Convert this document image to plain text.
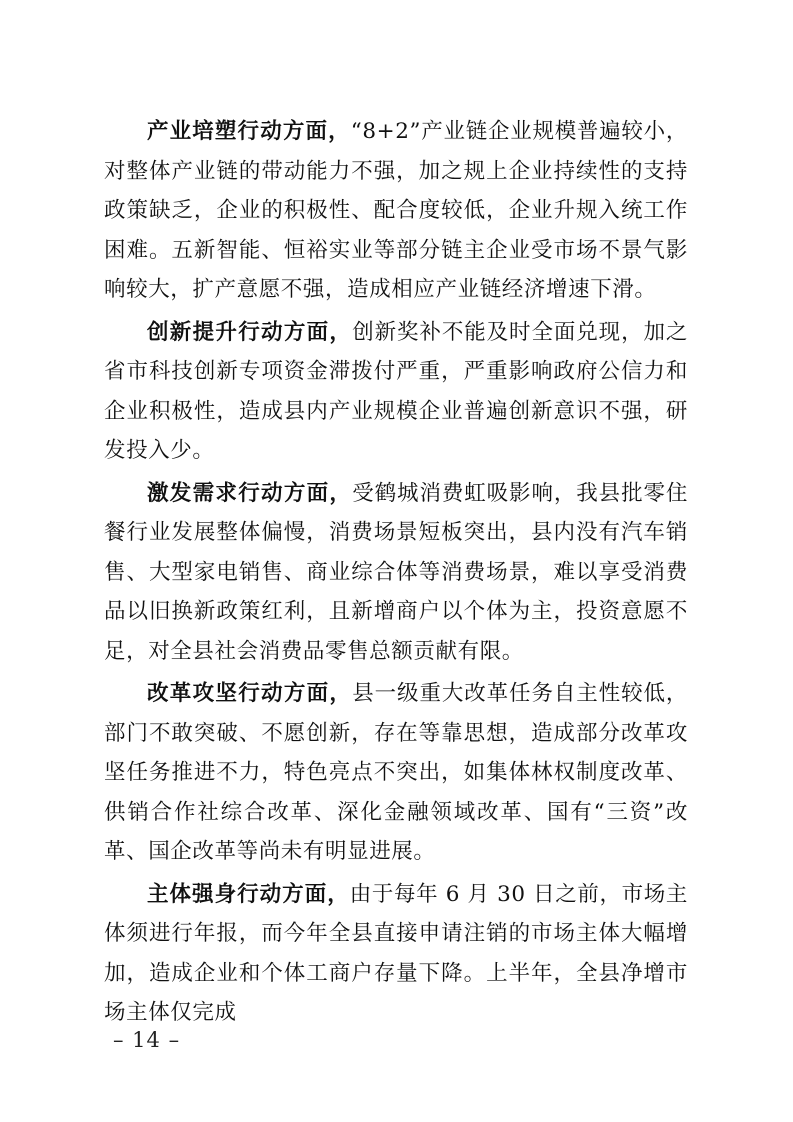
产业培塑行动方面，“8+2”产业链企业规模普遍较小，对整体产业链的带动能力不强，加之规上企业持续性的支持政策缺乏，企业的积极性、配合度较低，企业升规入统工作困难。五新智能、恒裕实业等部分链主企业受市场不景气影响较大，扩产意愿不强，造成相应产业链经济增速下滑。

创新提升行动方面，创新奖补不能及时全面兑现，加之省市科技创新专项资金滞拨付严重，严重影响政府公信力和企业积极性，造成县内产业规模企业普遍创新意识不强，研发投入少。

激发需求行动方面，受鹤城消费虹吸影响，我县批零住餐行业发展整体偏慢，消费场景短板突出，县内没有汽车销售、大型家电销售、商业综合体等消费场景，难以享受消费品以旧换新政策红利，且新增商户以个体为主，投资意愿不足，对全县社会消费品零售总额贡献有限。

改革攻坚行动方面，县一级重大改革任务自主性较低，部门不敢突破、不愿创新，存在等靠思想，造成部分改革攻坚任务推进不力，特色亮点不突出，如集体林权制度改革、供销合作社综合改革、深化金融领域改革、国有“三资”改革、国企改革等尚未有明显进展。

主体强身行动方面，由于每年 6 月 30 日之前，市场主体须进行年报，而今年全县直接申请注销的市场主体大幅增加，造成企业和个体工商户存量下降。上半年，全县净增市场主体仅完成

– 14 –
